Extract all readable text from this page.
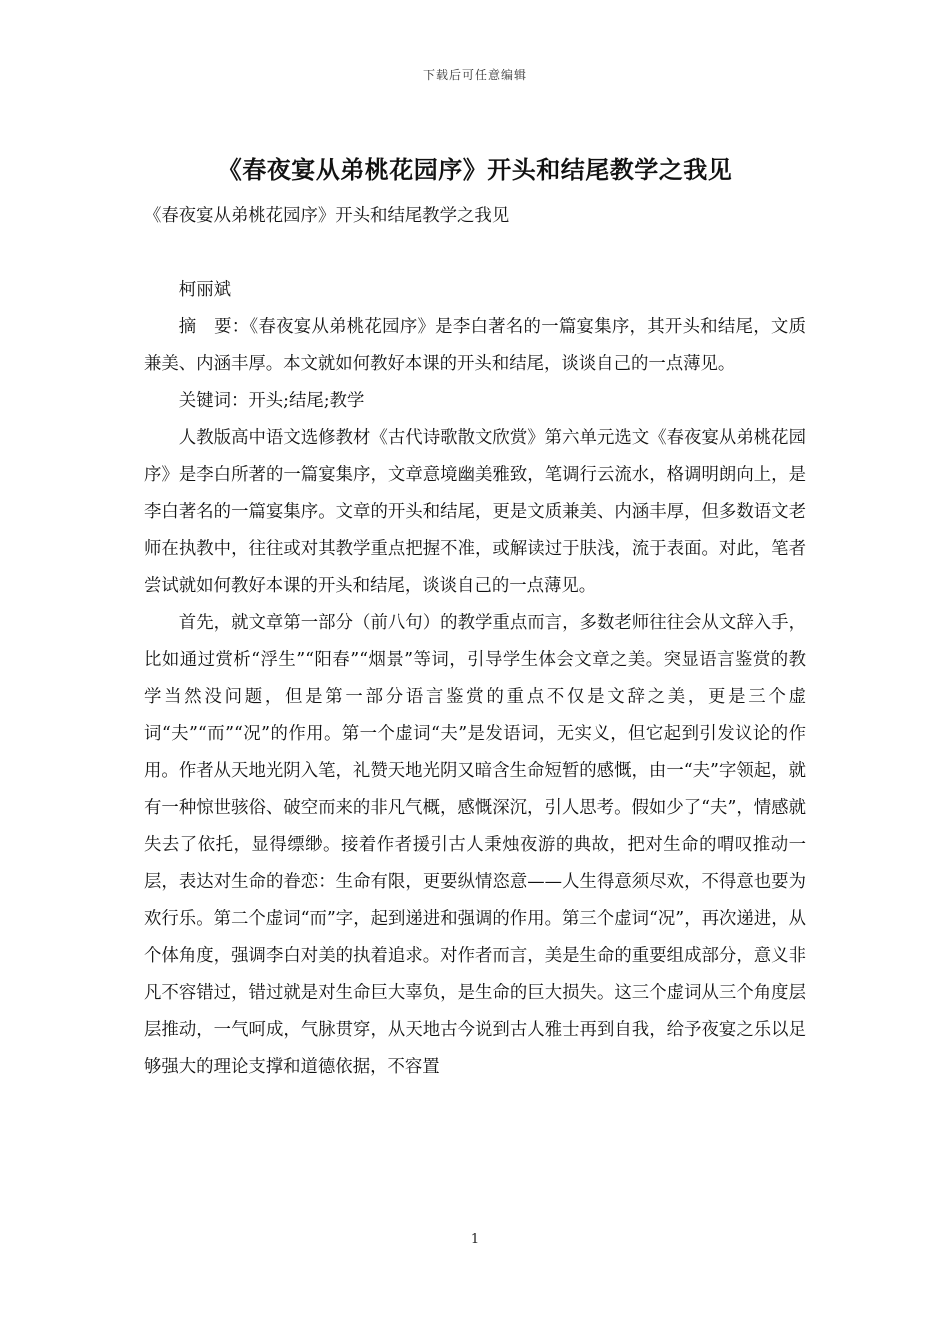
下载后可任意编辑
《春夜宴从弟桃花园序》开头和结尾教学之我见

《春夜宴从弟桃花园序》开头和结尾教学之我见

柯丽斌

摘　要：《春夜宴从弟桃花园序》是李白著名的一篇宴集序，其开头和结尾，文质兼美、内涵丰厚。本文就如何教好本课的开头和结尾，谈谈自己的一点薄见。

关键词：开头;结尾;教学

人教版高中语文选修教材《古代诗歌散文欣赏》第六单元选文《春夜宴从弟桃花园序》是李白所著的一篇宴集序，文章意境幽美雅致，笔调行云流水，格调明朗向上，是李白著名的一篇宴集序。文章的开头和结尾，更是文质兼美、内涵丰厚，但多数语文老师在执教中，往往或对其教学重点把握不准，或解读过于肤浅，流于表面。对此，笔者尝试就如何教好本课的开头和结尾，谈谈自己的一点薄见。

首先，就文章第一部分（前八句）的教学重点而言，多数老师往往会从文辞入手，比如通过赏析“浮生”“阳春”“烟景”等词，引导学生体会文章之美。突显语言鉴赏的教学当然没问题，但是第一部分语言鉴赏的重点不仅是文辞之美，更是三个虚词“夫”“而”“况”的作用。第一个虚词“夫”是发语词，无实义，但它起到引发议论的作用。作者从天地光阴入笔，礼赞天地光阴又暗含生命短暂的感慨，由一“夫”字领起，就有一种惊世骇俗、破空而来的非凡气概，感慨深沉，引人思考。假如少了“夫”，情感就失去了依托，显得缥缈。接着作者援引古人秉烛夜游的典故，把对生命的喟叹推动一层，表达对生命的眷恋：生命有限，更要纵情恣意——人生得意须尽欢，不得意也要为欢行乐。第二个虚词“而”字，起到递进和强调的作用。第三个虚词“况”，再次递进，从个体角度，强调李白对美的执着追求。对作者而言，美是生命的重要组成部分，意义非凡不容错过，错过就是对生命巨大辜负，是生命的巨大损失。这三个虚词从三个角度层层推动，一气呵成，气脉贯穿，从天地古今说到古人雅士再到自我，给予夜宴之乐以足够强大的理论支撑和道德依据，不容置

1
